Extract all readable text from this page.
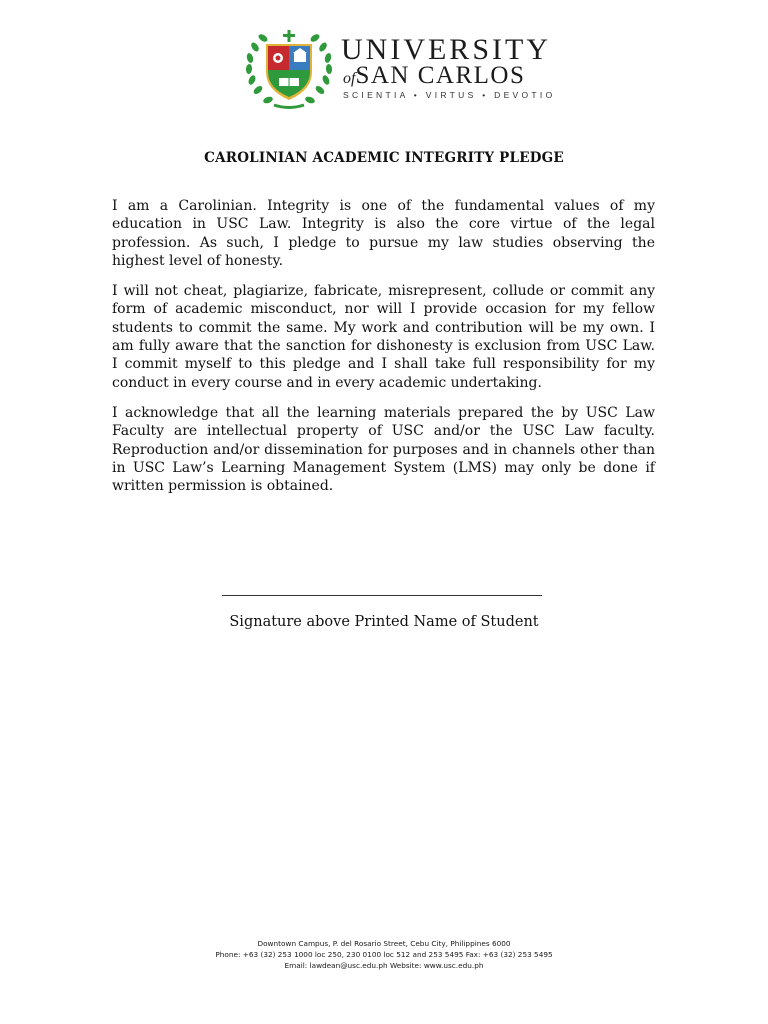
UNIVERSITY
ofSAN CARLOS
SCIENTIA • VIRTUS • DEVOTIO
CAROLINIAN ACADEMIC INTEGRITY PLEDGE

I am a Carolinian. Integrity is one of the fundamental values of my education in USC Law. Integrity is also the core virtue of the legal profession. As such, I pledge to pursue my law studies observing the highest level of honesty.

I will not cheat, plagiarize, fabricate, misrepresent, collude or commit any form of academic misconduct, nor will I provide occasion for my fellow students to commit the same. My work and contribution will be my own. I am fully aware that the sanction for dishonesty is exclusion from USC Law. I commit myself to this pledge and I shall take full responsibility for my conduct in every course and in every academic undertaking.

I acknowledge that all the learning materials prepared the by USC Law Faculty are intellectual property of USC and/or the USC Law faculty. Reproduction and/or dissemination for purposes and in channels other than in USC Law’s Learning Management System (LMS) may only be done if written permission is obtained.

Signature above Printed Name of Student
Downtown Campus, P. del Rosario Street, Cebu City, Philippines 6000
Phone: +63 (32) 253 1000 loc 250, 230 0100 loc 512 and 253 5495 Fax: +63 (32) 253 5495
Email: lawdean@usc.edu.ph Website: www.usc.edu.ph
